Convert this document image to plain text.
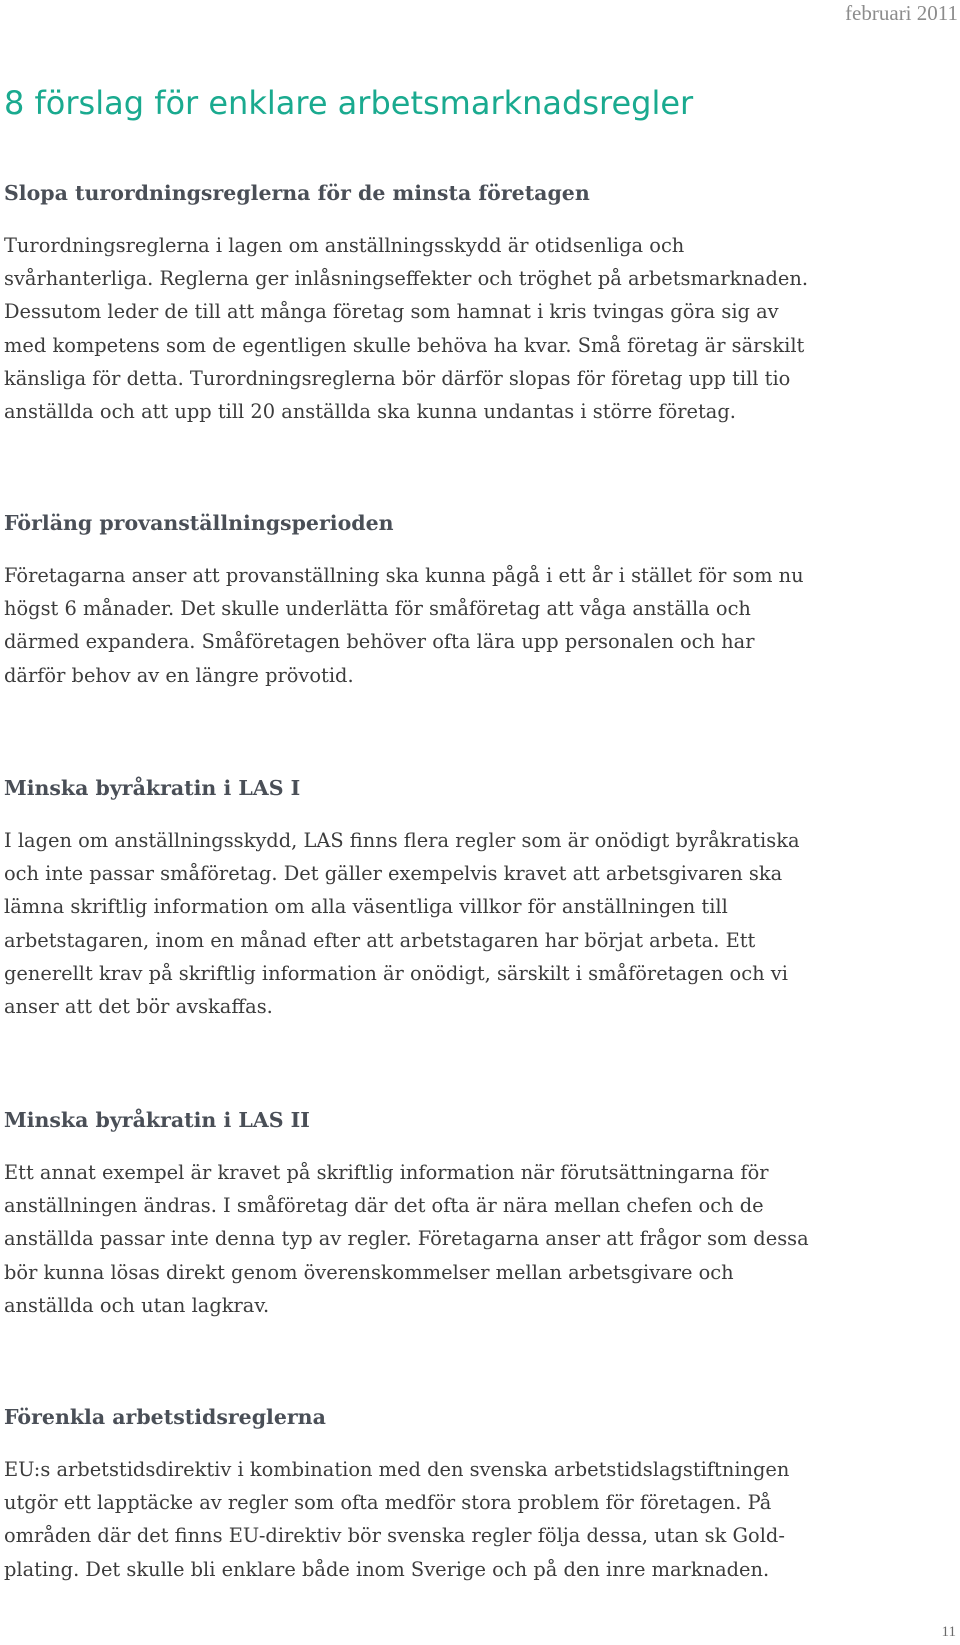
februari 2011
8 förslag för enklare arbetsmarknadsregler
Slopa turordningsreglerna för de minsta företagen

Turordningsreglerna i lagen om anställningsskydd är otidsenliga och
svårhanterliga. Reglerna ger inlåsningseffekter och tröghet på arbetsmarknaden.
Dessutom leder de till att många företag som hamnat i kris tvingas göra sig av
med kompetens som de egentligen skulle behöva ha kvar. Små företag är särskilt
känsliga för detta. Turordningsreglerna bör därför slopas för företag upp till tio
anställda och att upp till 20 anställda ska kunna undantas i större företag.

Förläng provanställningsperioden

Företagarna anser att provanställning ska kunna pågå i ett år i stället för som nu
högst 6 månader. Det skulle underlätta för småföretag att våga anställa och
därmed expandera. Småföretagen behöver ofta lära upp personalen och har
därför behov av en längre prövotid.

Minska byråkratin i LAS I

I lagen om anställningsskydd, LAS finns flera regler som är onödigt byråkratiska
och inte passar småföretag. Det gäller exempelvis kravet att arbetsgivaren ska
lämna skriftlig information om alla väsentliga villkor för anställningen till
arbetstagaren, inom en månad efter att arbetstagaren har börjat arbeta. Ett
generellt krav på skriftlig information är onödigt, särskilt i småföretagen och vi
anser att det bör avskaffas.

Minska byråkratin i LAS II

Ett annat exempel är kravet på skriftlig information när förutsättningarna för
anställningen ändras. I småföretag där det ofta är nära mellan chefen och de
anställda passar inte denna typ av regler. Företagarna anser att frågor som dessa
bör kunna lösas direkt genom överenskommelser mellan arbetsgivare och
anställda och utan lagkrav.

Förenkla arbetstidsreglerna

EU:s arbetstidsdirektiv i kombination med den svenska arbetstidslagstiftningen
utgör ett lapptäcke av regler som ofta medför stora problem för företagen. På
områden där det finns EU-direktiv bör svenska regler följa dessa, utan sk Gold-
plating. Det skulle bli enklare både inom Sverige och på den inre marknaden.

11
